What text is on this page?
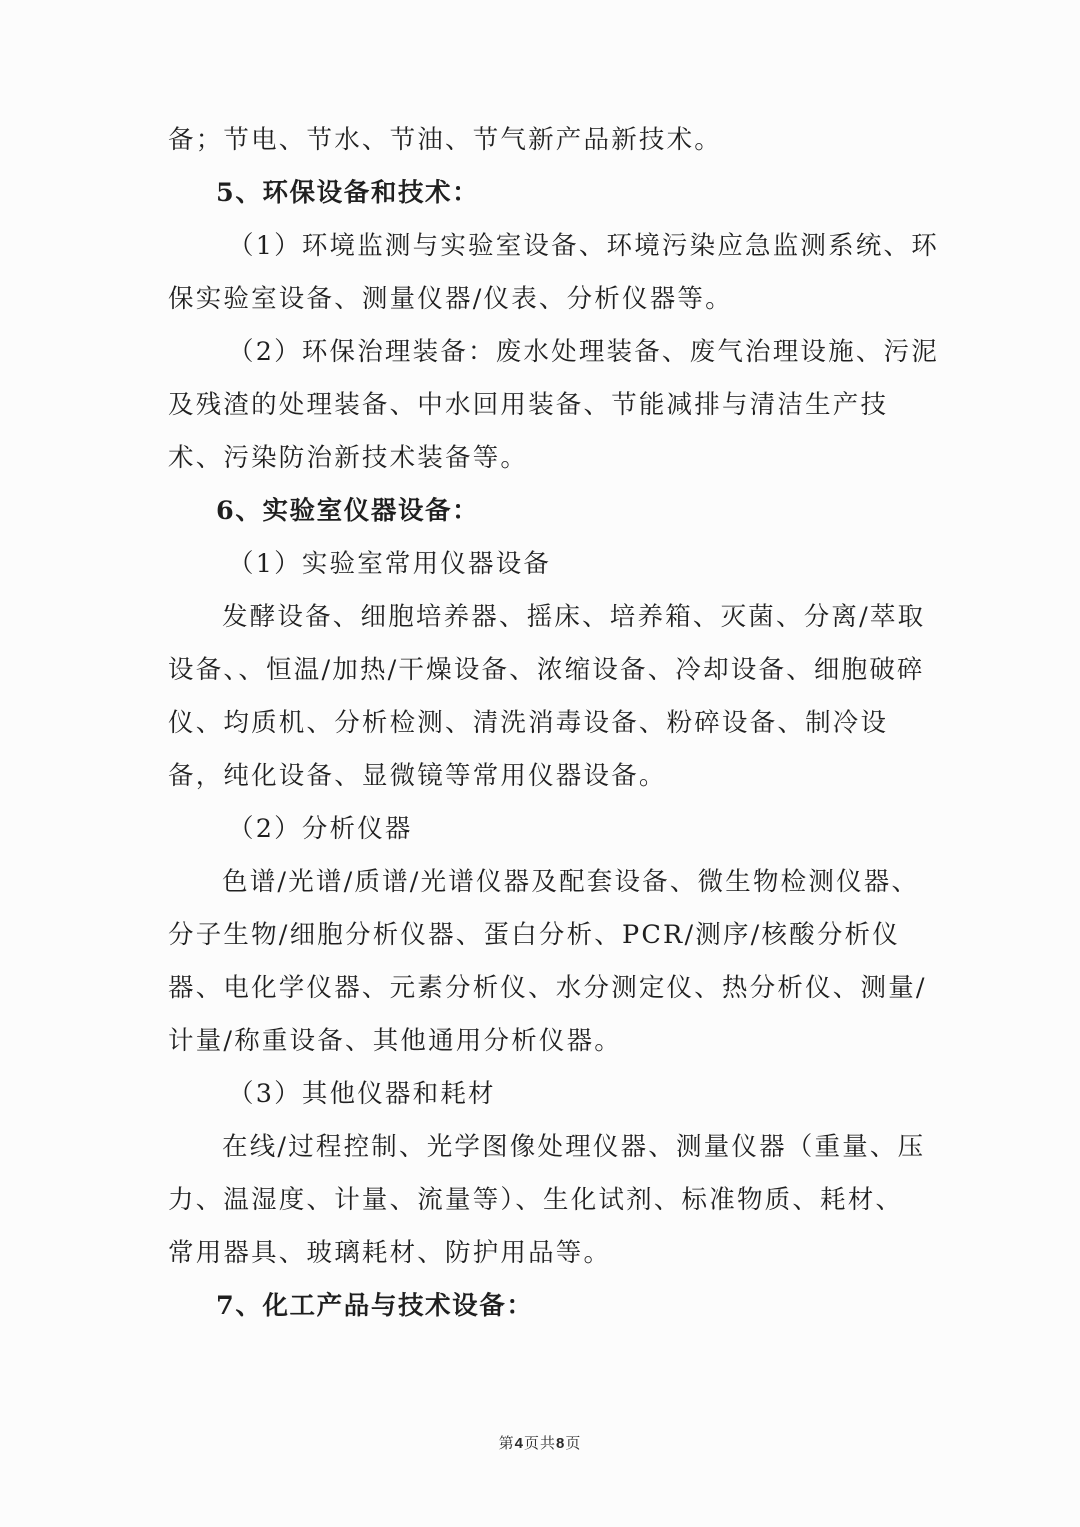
备；节电、节水、节油、节气新产品新技术。
5、环保设备和技术：
（1）环境监测与实验室设备、环境污染应急监测系统、环
保实验室设备、测量仪器/仪表、分析仪器等。
（2）环保治理装备：废水处理装备、废气治理设施、污泥
及残渣的处理装备、中水回用装备、节能减排与清洁生产技
术、污染防治新技术装备等。
6、实验室仪器设备：
（1）实验室常用仪器设备
发酵设备、细胞培养器、摇床、培养箱、灭菌、分离/萃取
设备、、恒温/加热/干燥设备、浓缩设备、冷却设备、细胞破碎
仪、均质机、分析检测、清洗消毒设备、粉碎设备、制冷设
备，纯化设备、显微镜等常用仪器设备。
（2）分析仪器
色谱/光谱/质谱/光谱仪器及配套设备、微生物检测仪器、
分子生物/细胞分析仪器、蛋白分析、PCR/测序/核酸分析仪
器、电化学仪器、元素分析仪、水分测定仪、热分析仪、测量/
计量/称重设备、其他通用分析仪器。
（3）其他仪器和耗材
在线/过程控制、光学图像处理仪器、测量仪器（重量、压
力、温湿度、计量、流量等）、生化试剂、标准物质、耗材、
常用器具、玻璃耗材、防护用品等。
7、化工产品与技术设备：
第4页共8页
